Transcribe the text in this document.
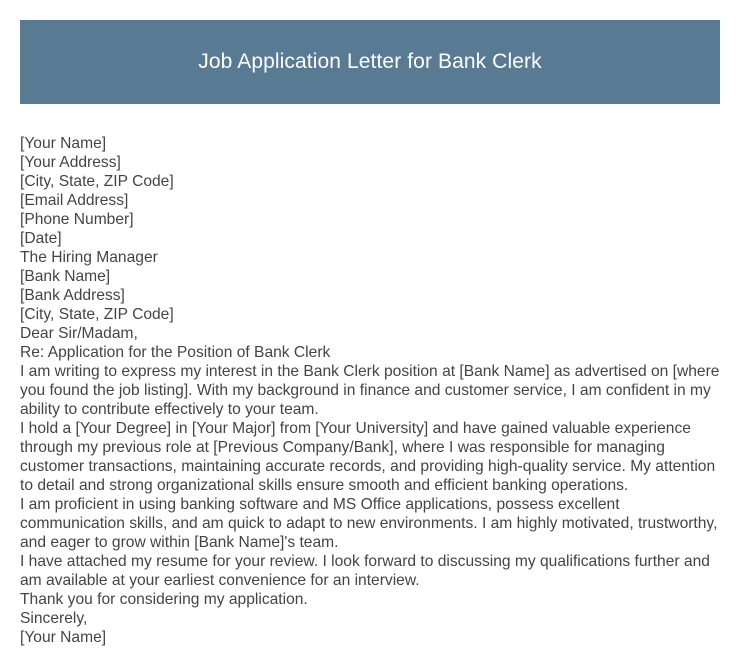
Job Application Letter for Bank Clerk
[Your Name]
[Your Address]
[City, State, ZIP Code]
[Email Address]
[Phone Number]
[Date]
The Hiring Manager
[Bank Name]
[Bank Address]
[City, State, ZIP Code]
Dear Sir/Madam,
Re: Application for the Position of Bank Clerk
I am writing to express my interest in the Bank Clerk position at [Bank Name] as advertised on [where you found the job listing]. With my background in finance and customer service, I am confident in my ability to contribute effectively to your team.
I hold a [Your Degree] in [Your Major] from [Your University] and have gained valuable experience through my previous role at [Previous Company/Bank], where I was responsible for managing customer transactions, maintaining accurate records, and providing high-quality service. My attention to detail and strong organizational skills ensure smooth and efficient banking operations.
I am proficient in using banking software and MS Office applications, possess excellent communication skills, and am quick to adapt to new environments. I am highly motivated, trustworthy, and eager to grow within [Bank Name]'s team.
I have attached my resume for your review. I look forward to discussing my qualifications further and am available at your earliest convenience for an interview.
Thank you for considering my application.
Sincerely,
[Your Name]
